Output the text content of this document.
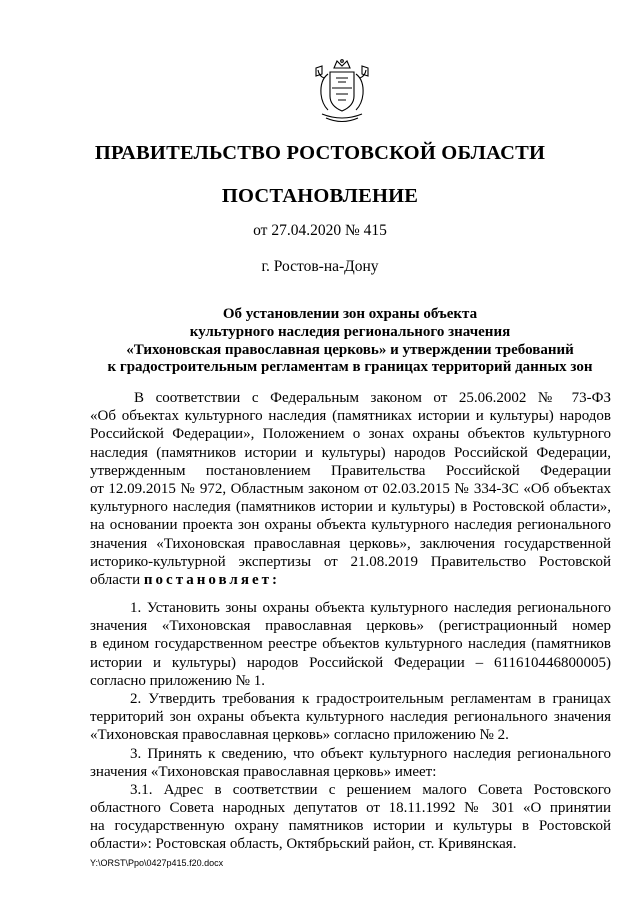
ПРАВИТЕЛЬСТВО РОСТОВСКОЙ ОБЛАСТИ
ПОСТАНОВЛЕНИЕ
от 27.04.2020 № 415
г. Ростов-на-Дону
Об установлении зон охраны объекта
культурного наследия регионального значения
«Тихоновская православная церковь» и утверждении требований
к градостроительным регламентам в границах территорий данных зон
В соответствии с Федеральным законом от 25.06.2002 № 73-ФЗ
«Об объектах культурного наследия (памятниках истории и культуры) народов
Российской Федерации», Положением о зонах охраны объектов культурного
наследия (памятников истории и культуры) народов Российской Федерации,
утвержденным постановлением Правительства Российской Федерации
от 12.09.2015 № 972, Областным законом от 02.03.2015 № 334-ЗС «Об объектах
культурного наследия (памятников истории и культуры) в Ростовской области»,
на основании проекта зон охраны объекта культурного наследия регионального
значения «Тихоновская православная церковь», заключения государственной
историко-культурной экспертизы от 21.08.2019 Правительство Ростовской
области постановляет:
1. Установить зоны охраны объекта культурного наследия регионального
значения «Тихоновская православная церковь» (регистрационный номер
в едином государственном реестре объектов культурного наследия (памятников
истории и культуры) народов Российской Федерации – 611610446800005)
согласно приложению № 1.
2. Утвердить требования к градостроительным регламентам в границах
территорий зон охраны объекта культурного наследия регионального значения
«Тихоновская православная церковь» согласно приложению № 2.
3. Принять к сведению, что объект культурного наследия регионального
значения «Тихоновская православная церковь» имеет:
3.1. Адрес в соответствии с решением малого Совета Ростовского
областного Совета народных депутатов от 18.11.1992 № 301 «О принятии
на государственную охрану памятников истории и культуры в Ростовской
области»: Ростовская область, Октябрьский район, ст. Кривянская.
Y:\ORST\Ppo\0427p415.f20.docx
